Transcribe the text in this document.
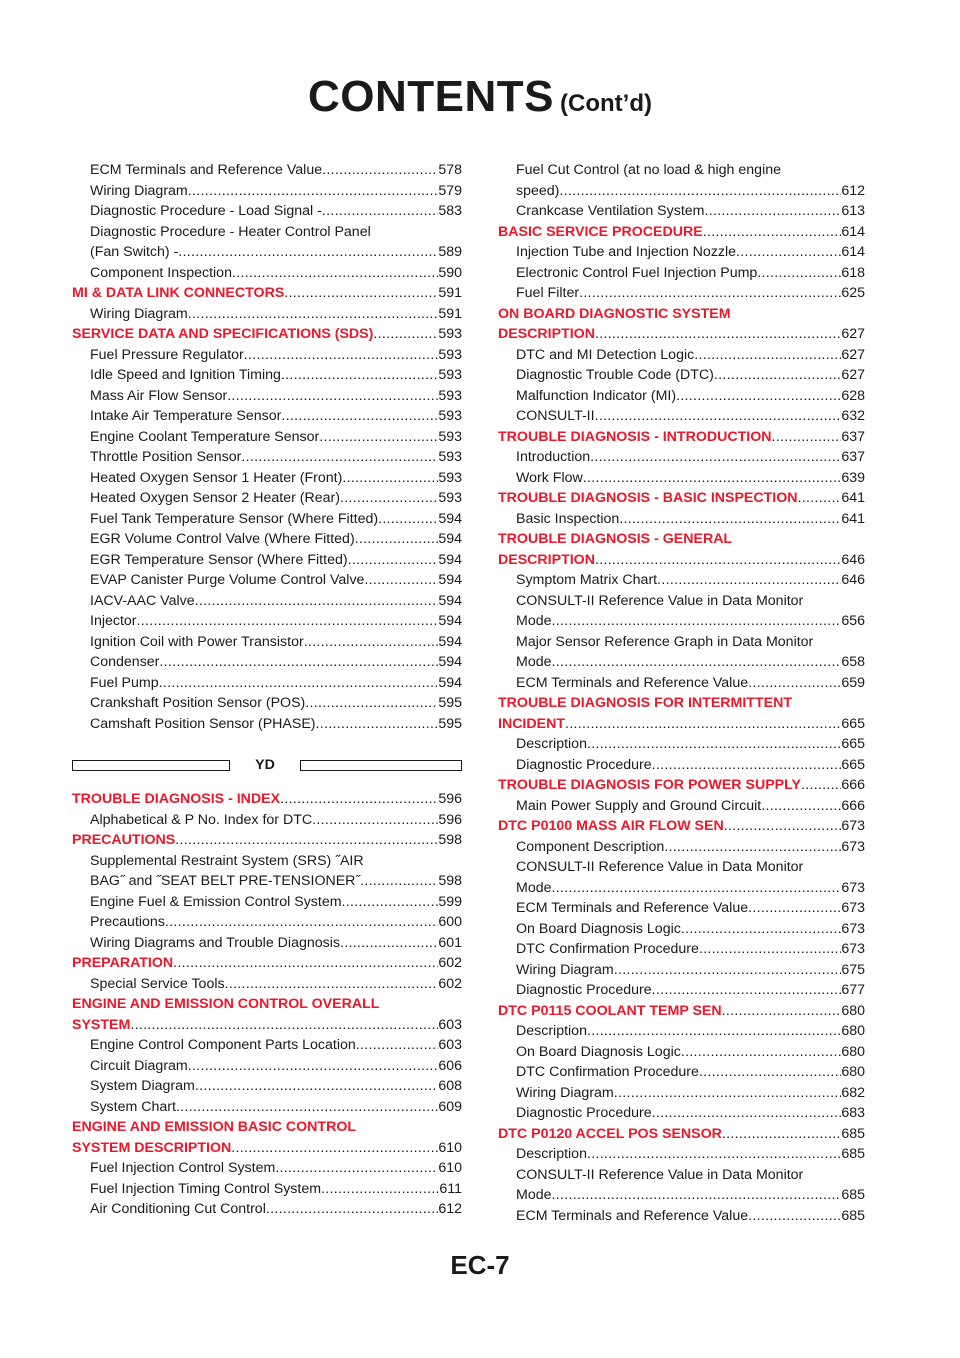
CONTENTS (Cont’d)
ECM Terminals and Reference Value .....	578
Wiring Diagram .....	579
Diagnostic Procedure - Load Signal - .....	583
Diagnostic Procedure - Heater Control Panel
(Fan Switch) - .....	589
Component Inspection .....	590
MI & DATA LINK CONNECTORS .....	591
Wiring Diagram .....	591
SERVICE DATA AND SPECIFICATIONS (SDS) .....	593
Fuel Pressure Regulator .....	593
Idle Speed and Ignition Timing .....	593
Mass Air Flow Sensor .....	593
Intake Air Temperature Sensor .....	593
Engine Coolant Temperature Sensor .....	593
Throttle Position Sensor .....	593
Heated Oxygen Sensor 1 Heater (Front) .....	593
Heated Oxygen Sensor 2 Heater (Rear) .....	593
Fuel Tank Temperature Sensor (Where Fitted) .....	594
EGR Volume Control Valve (Where Fitted) .....	594
EGR Temperature Sensor (Where Fitted) .....	594
EVAP Canister Purge Volume Control Valve .....	594
IACV-AAC Valve .....	594
Injector .....	594
Ignition Coil with Power Transistor .....	594
Condenser .....	594
Fuel Pump .....	594
Crankshaft Position Sensor (POS) .....	595
Camshaft Position Sensor (PHASE) .....	595
YD
TROUBLE DIAGNOSIS - INDEX .....	596
Alphabetical & P No. Index for DTC .....	596
PRECAUTIONS .....	598
Supplemental Restraint System (SRS) ˝AIR
BAG˝ and ˝SEAT BELT PRE-TENSIONER˝ .....	598
Engine Fuel & Emission Control System .....	599
Precautions .....	600
Wiring Diagrams and Trouble Diagnosis .....	601
PREPARATION .....	602
Special Service Tools .....	602
ENGINE AND EMISSION CONTROL OVERALL
SYSTEM .....	603
Engine Control Component Parts Location .....	603
Circuit Diagram .....	606
System Diagram .....	608
System Chart .....	609
ENGINE AND EMISSION BASIC CONTROL
SYSTEM DESCRIPTION .....	610
Fuel Injection Control System .....	610
Fuel Injection Timing Control System .....	611
Air Conditioning Cut Control .....	612
Fuel Cut Control (at no load & high engine
speed) .....	612
Crankcase Ventilation System .....	613
BASIC SERVICE PROCEDURE .....	614
Injection Tube and Injection Nozzle .....	614
Electronic Control Fuel Injection Pump .....	618
Fuel Filter .....	625
ON BOARD DIAGNOSTIC SYSTEM
DESCRIPTION .....	627
DTC and MI Detection Logic .....	627
Diagnostic Trouble Code (DTC) .....	627
Malfunction Indicator (MI) .....	628
CONSULT-II .....	632
TROUBLE DIAGNOSIS - INTRODUCTION .....	637
Introduction .....	637
Work Flow .....	639
TROUBLE DIAGNOSIS - BASIC INSPECTION .....	641
Basic Inspection .....	641
TROUBLE DIAGNOSIS - GENERAL
DESCRIPTION .....	646
Symptom Matrix Chart .....	646
CONSULT-II Reference Value in Data Monitor
Mode .....	656
Major Sensor Reference Graph in Data Monitor
Mode .....	658
ECM Terminals and Reference Value .....	659
TROUBLE DIAGNOSIS FOR INTERMITTENT
INCIDENT .....	665
Description .....	665
Diagnostic Procedure .....	665
TROUBLE DIAGNOSIS FOR POWER SUPPLY .....	666
Main Power Supply and Ground Circuit .....	666
DTC P0100 MASS AIR FLOW SEN .....	673
Component Description .....	673
CONSULT-II Reference Value in Data Monitor
Mode .....	673
ECM Terminals and Reference Value .....	673
On Board Diagnosis Logic .....	673
DTC Confirmation Procedure .....	673
Wiring Diagram .....	675
Diagnostic Procedure .....	677
DTC P0115 COOLANT TEMP SEN .....	680
Description .....	680
On Board Diagnosis Logic .....	680
DTC Confirmation Procedure .....	680
Wiring Diagram .....	682
Diagnostic Procedure .....	683
DTC P0120 ACCEL POS SENSOR .....	685
Description .....	685
CONSULT-II Reference Value in Data Monitor
Mode .....	685
ECM Terminals and Reference Value .....	685
EC-7
